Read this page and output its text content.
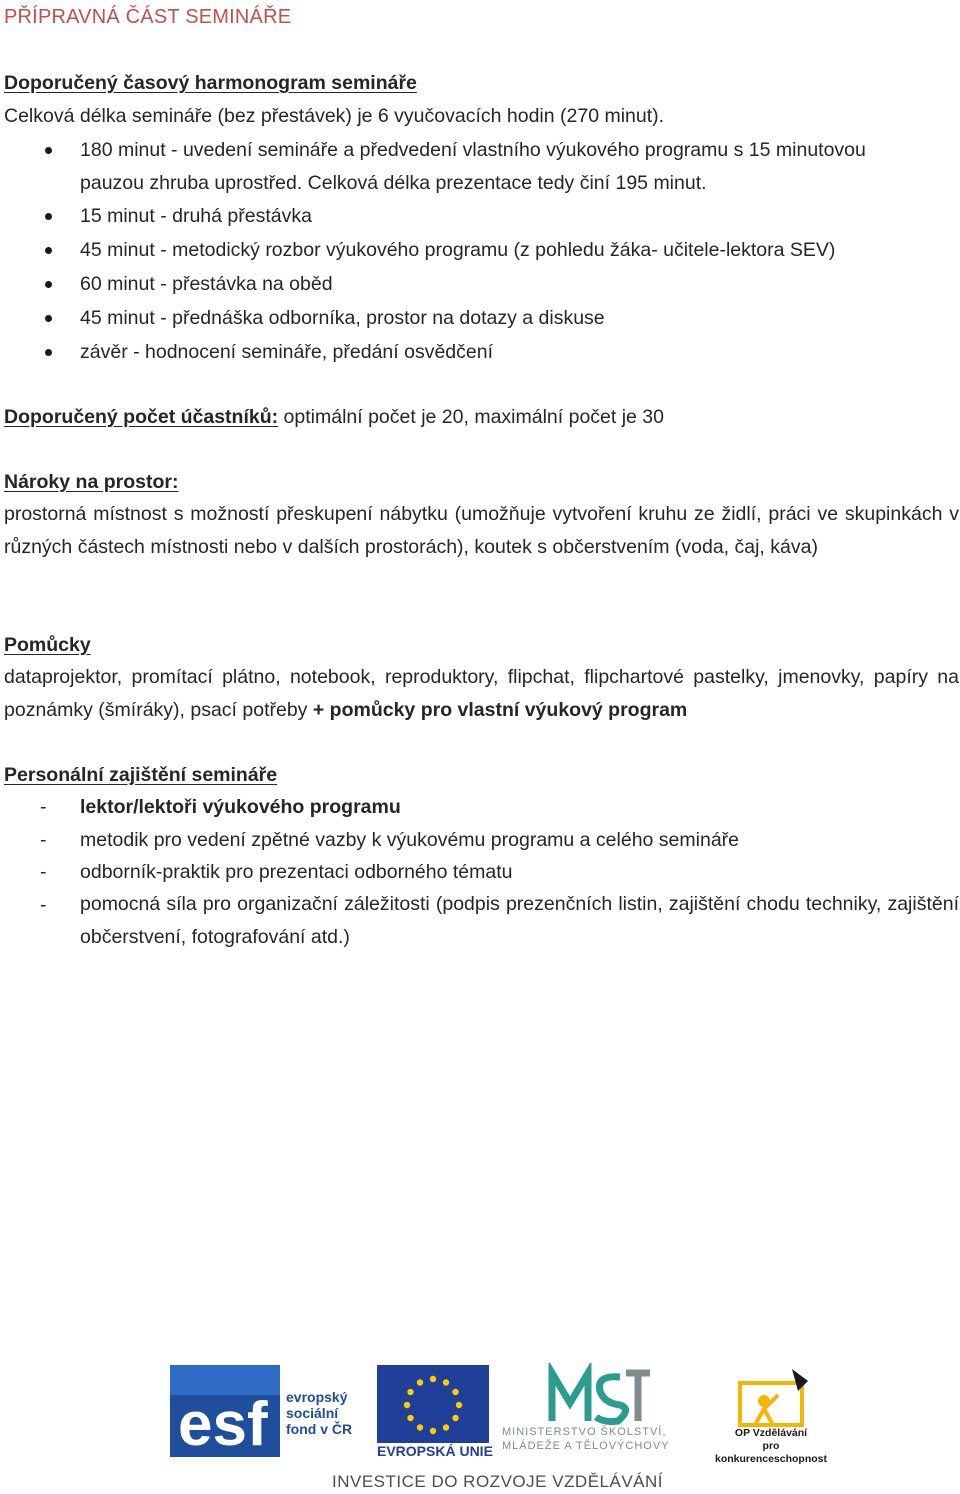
PŘÍPRAVNÁ ČÁST SEMINÁŘE
Doporučený časový harmonogram semináře
Celková délka semináře (bez přestávek) je 6 vyučovacích hodin (270 minut).
180 minut - uvedení semináře a předvedení vlastního výukového programu s 15 minutovou
pauzou zhruba uprostřed. Celková délka prezentace tedy činí 195 minut.
15 minut - druhá přestávka
45 minut - metodický rozbor výukového programu (z pohledu žáka- učitele-lektora SEV)
60 minut - přestávka na oběd
45 minut - přednáška odborníka, prostor na dotazy a diskuse
závěr - hodnocení semináře, předání osvědčení
Doporučený počet účastníků: optimální počet je 20, maximální počet je 30
Nároky na prostor:
prostorná místnost s možností přeskupení nábytku (umožňuje vytvoření kruhu ze židlí, práci ve skupinkách v různých částech místnosti nebo v dalších prostorách), koutek s občerstvením (voda, čaj, káva)
Pomůcky
dataprojektor, promítací plátno, notebook, reproduktory, flipchat, flipchartové pastelky, jmenovky, papíry na poznámky (šmíráky), psací potřeby + pomůcky pro vlastní výukový program
Personální zajištění semináře
- lektor/lektoři výukového programu
- metodik pro vedení zpětné vazby k výukovému programu a celého semináře
- odborník-praktik pro prezentaci odborného tématu
- pomocná síla pro organizační záležitosti (podpis prezenčních listin, zajištění chodu techniky, zajištění občerstvení, fotografování atd.)
esf evropský
sociální
fond v ČR
EVROPSKÁ UNIE
MINISTERSTVO ŠKOLSTVÍ,
MLÁDEŽE A TĚLOVÝCHOVY
OP Vzdělávání
pro konkurenceschopnost
INVESTICE DO ROZVOJE VZDĚLÁVÁNÍ
